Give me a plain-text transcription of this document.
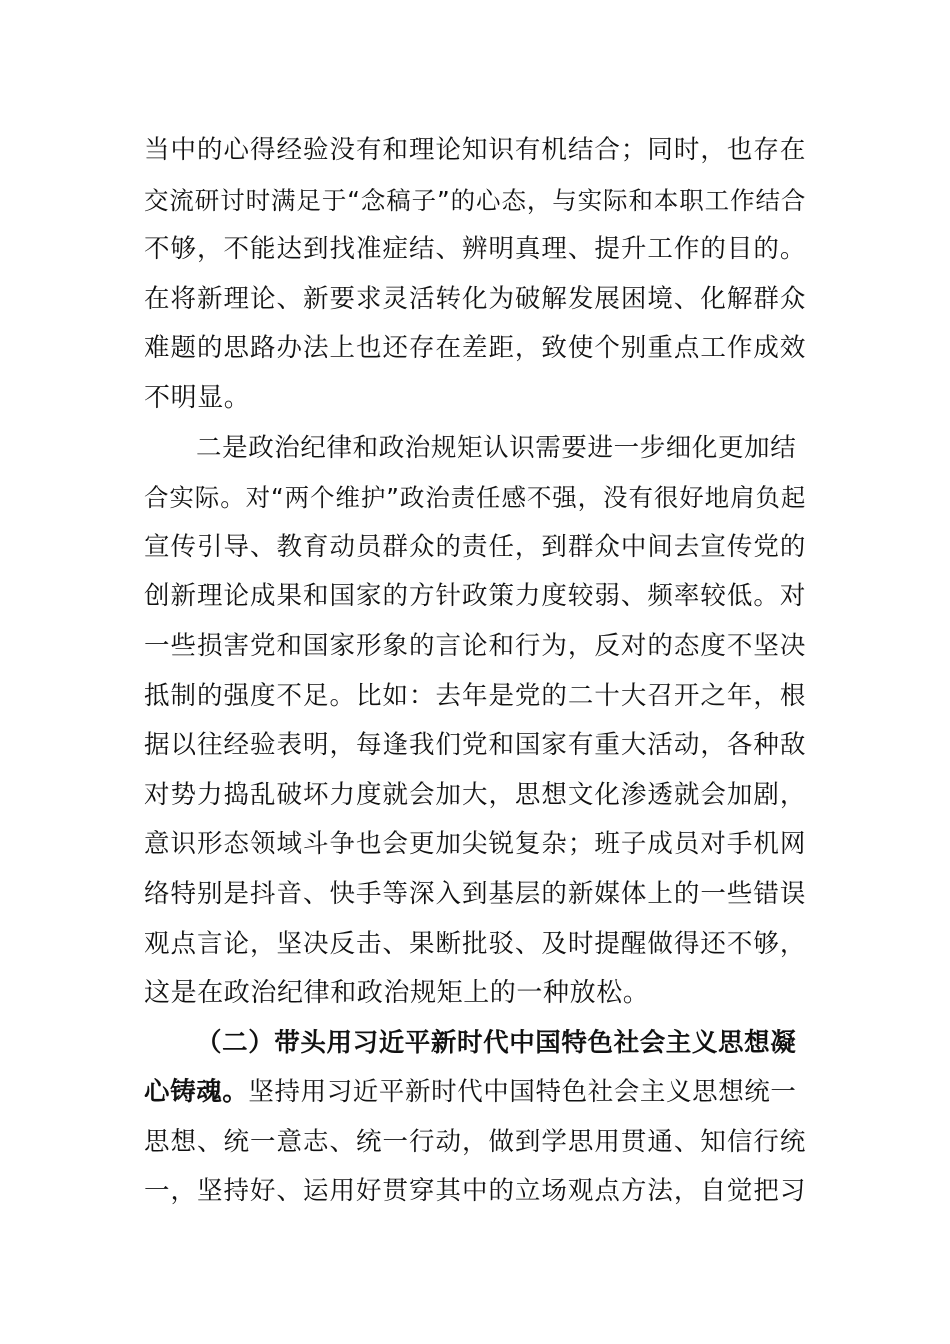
当中的心得经验没有和理论知识有机结合；同时，也存在
交流研讨时满足于“念稿子”的心态，与实际和本职工作结合
不够，不能达到找准症结、辨明真理、提升工作的目的。
在将新理论、新要求灵活转化为破解发展困境、化解群众
难题的思路办法上也还存在差距，致使个别重点工作成效
不明显。
二是政治纪律和政治规矩认识需要进一步细化更加结
合实际。对“两个维护”政治责任感不强，没有很好地肩负起
宣传引导、教育动员群众的责任，到群众中间去宣传党的
创新理论成果和国家的方针政策力度较弱、频率较低。对
一些损害党和国家形象的言论和行为，反对的态度不坚决
抵制的强度不足。比如：去年是党的二十大召开之年，根
据以往经验表明，每逢我们党和国家有重大活动，各种敌
对势力捣乱破坏力度就会加大，思想文化渗透就会加剧，
意识形态领域斗争也会更加尖锐复杂；班子成员对手机网
络特别是抖音、快手等深入到基层的新媒体上的一些错误
观点言论，坚决反击、果断批驳、及时提醒做得还不够，
这是在政治纪律和政治规矩上的一种放松。
（二）带头用习近平新时代中国特色社会主义思想凝
心铸魂。坚持用习近平新时代中国特色社会主义思想统一
思想、统一意志、统一行动，做到学思用贯通、知信行统
一，坚持好、运用好贯穿其中的立场观点方法，自觉把习
